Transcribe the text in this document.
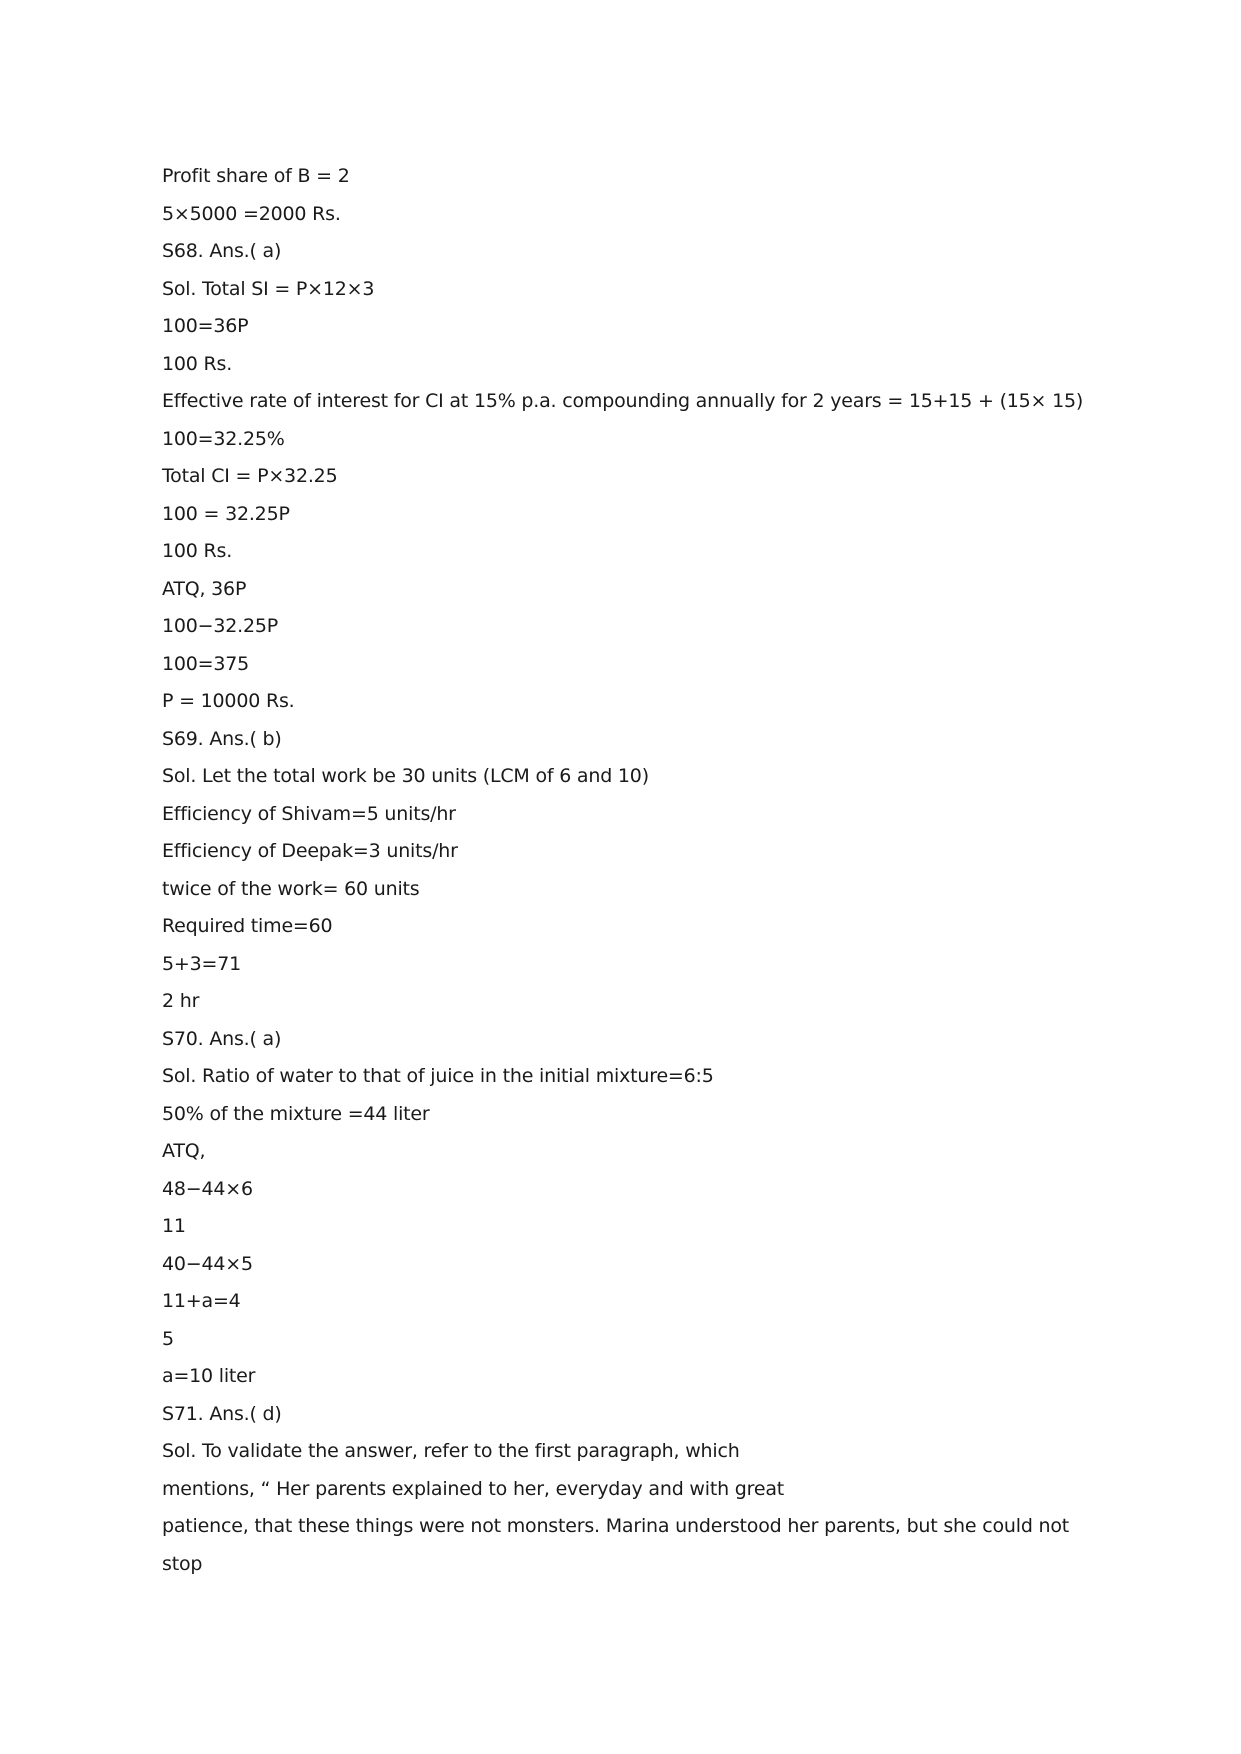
Profit share of B = 2
5×5000 =2000 Rs.
S68. Ans.( a)
Sol. Total SI = P×12×3
100=36P
100 Rs.
Effective rate of interest for CI at 15% p.a. compounding annually for 2 years = 15+15 + (15× 15)
100=32.25%
Total CI = P×32.25
100 = 32.25P
100 Rs.
ATQ, 36P
100−32.25P
100=375
P = 10000 Rs.
S69. Ans.( b)
Sol. Let the total work be 30 units (LCM of 6 and 10)
Efficiency of Shivam=5 units/hr
Efficiency of Deepak=3 units/hr
twice of the work= 60 units
Required time=60
5+3=71
2 hr
S70. Ans.( a)
Sol. Ratio of water to that of juice in the initial mixture=6:5
50% of the mixture =44 liter
ATQ,
48−44×6
11
40−44×5
11+a=4
5
a=10 liter
S71. Ans.( d)
Sol. To validate the answer, refer to the first paragraph, which
mentions, “ Her parents explained to her, everyday and with great
patience, that these things were not monsters. Marina understood her parents, but she could not
stop
